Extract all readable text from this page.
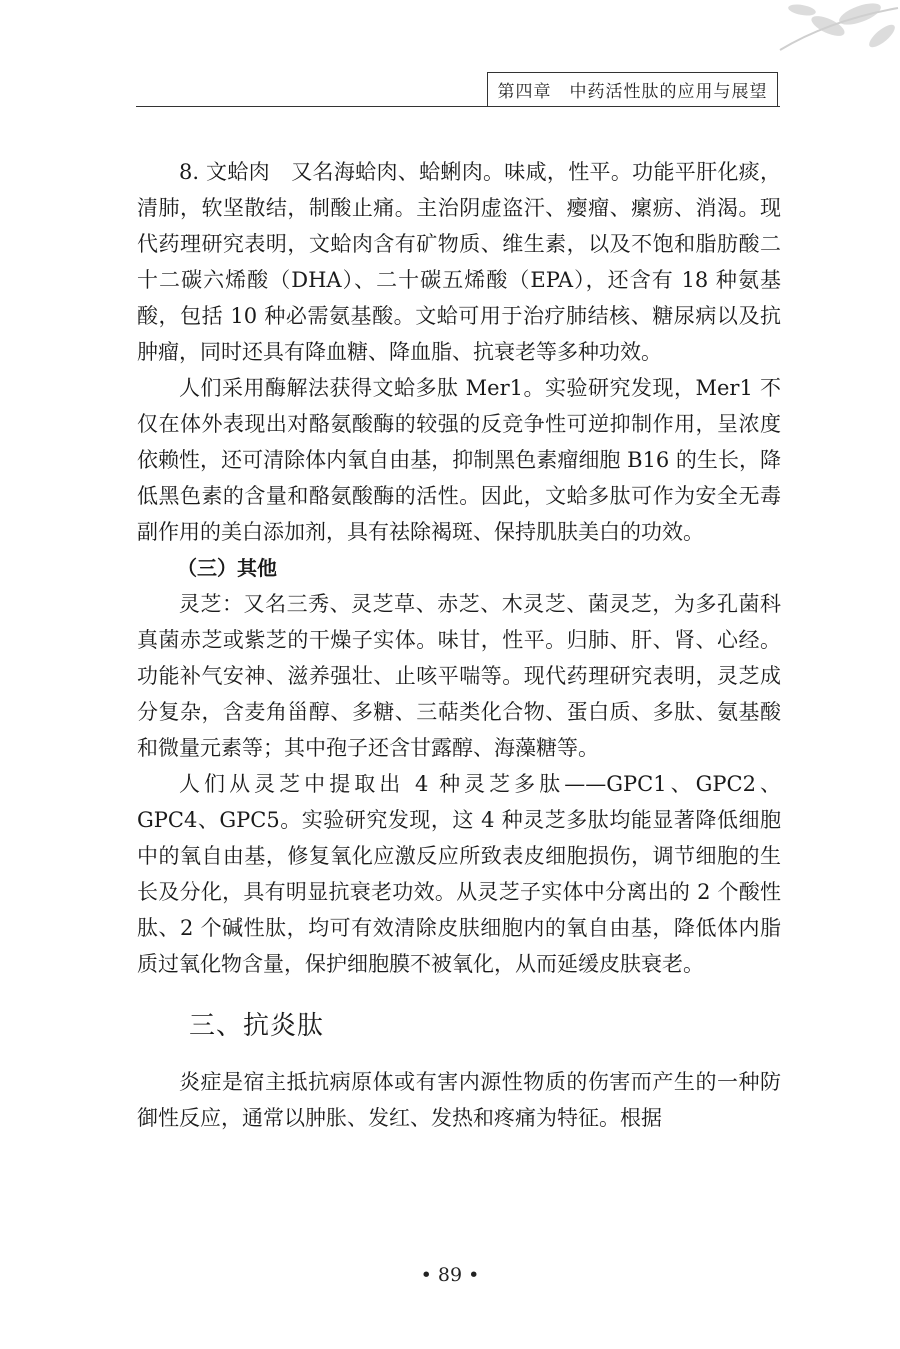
第四章　中药活性肽的应用与展望

8. 文蛤肉　又名海蛤肉、蛤蜊肉。味咸，性平。功能平肝化痰，清肺，软坚散结，制酸止痛。主治阴虚盗汗、瘿瘤、瘰疬、消渴。现代药理研究表明，文蛤肉含有矿物质、维生素，以及不饱和脂肪酸二十二碳六烯酸（DHA）、二十碳五烯酸（EPA），还含有 18 种氨基酸，包括 10 种必需氨基酸。文蛤可用于治疗肺结核、糖尿病以及抗肿瘤，同时还具有降血糖、降血脂、抗衰老等多种功效。

人们采用酶解法获得文蛤多肽 Mer1。实验研究发现，Mer1 不仅在体外表现出对酪氨酸酶的较强的反竞争性可逆抑制作用，呈浓度依赖性，还可清除体内氧自由基，抑制黑色素瘤细胞 B16 的生长，降低黑色素的含量和酪氨酸酶的活性。因此，文蛤多肽可作为安全无毒副作用的美白添加剂，具有祛除褐斑、保持肌肤美白的功效。

（三）其他

灵芝：又名三秀、灵芝草、赤芝、木灵芝、菌灵芝，为多孔菌科真菌赤芝或紫芝的干燥子实体。味甘，性平。归肺、肝、肾、心经。功能补气安神、滋养强壮、止咳平喘等。现代药理研究表明，灵芝成分复杂，含麦角甾醇、多糖、三萜类化合物、蛋白质、多肽、氨基酸和微量元素等；其中孢子还含甘露醇、海藻糖等。

人们从灵芝中提取出 4 种灵芝多肽——GPC1、GPC2、GPC4、GPC5。实验研究发现，这 4 种灵芝多肽均能显著降低细胞中的氧自由基，修复氧化应激反应所致表皮细胞损伤，调节细胞的生长及分化，具有明显抗衰老功效。从灵芝子实体中分离出的 2 个酸性肽、2 个碱性肽，均可有效清除皮肤细胞内的氧自由基，降低体内脂质过氧化物含量，保护细胞膜不被氧化，从而延缓皮肤衰老。

三、抗炎肽

炎症是宿主抵抗病原体或有害内源性物质的伤害而产生的一种防御性反应，通常以肿胀、发红、发热和疼痛为特征。根据

• 89 •
